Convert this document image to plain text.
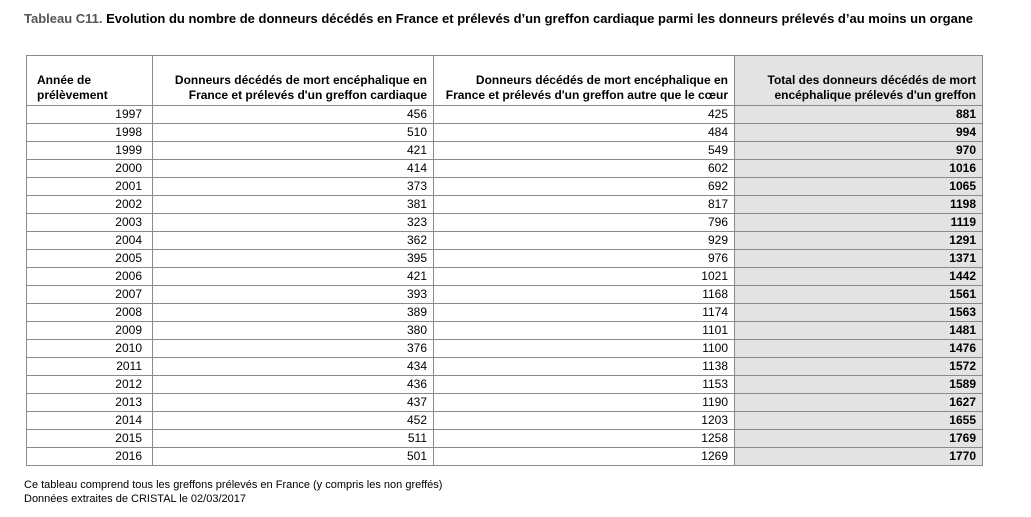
Tableau C11. Evolution du nombre de donneurs décédés en France et prélevés d’un greffon cardiaque parmi les donneurs prélevés d’au moins un organe
Année de prélèvement	Donneurs décédés de mort encéphalique en France et prélevés d'un greffon cardiaque	Donneurs décédés de mort encéphalique en France et prélevés d'un greffon autre que le cœur	Total des donneurs décédés de mort encéphalique prélevés d'un greffon
1997	456	425	881
1998	510	484	994
1999	421	549	970
2000	414	602	1016
2001	373	692	1065
2002	381	817	1198
2003	323	796	1119
2004	362	929	1291
2005	395	976	1371
2006	421	1021	1442
2007	393	1168	1561
2008	389	1174	1563
2009	380	1101	1481
2010	376	1100	1476
2011	434	1138	1572
2012	436	1153	1589
2013	437	1190	1627
2014	452	1203	1655
2015	511	1258	1769
2016	501	1269	1770
Ce tableau comprend tous les greffons prélevés en France (y compris les non greffés)
Données extraites de CRISTAL le 02/03/2017
